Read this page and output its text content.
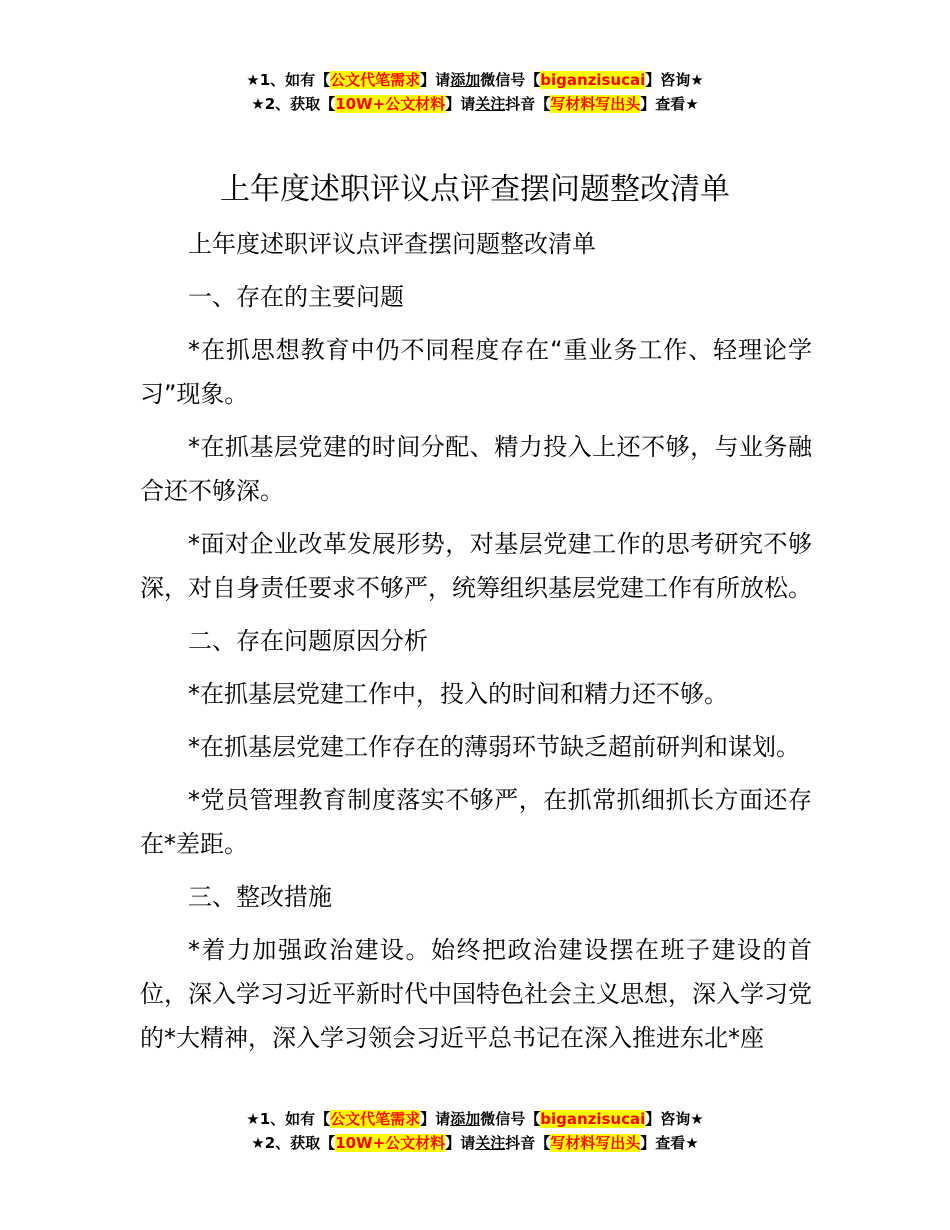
★1、如有【公文代笔需求】请添加微信号【biganzisucai】咨询★
★2、获取【10W+公文材料】请关注抖音【写材料写出头】查看★
上年度述职评议点评查摆问题整改清单

上年度述职评议点评查摆问题整改清单

一、存在的主要问题

*在抓思想教育中仍不同程度存在“重业务工作、轻理论学习”现象。

*在抓基层党建的时间分配、精力投入上还不够，与业务融合还不够深。

*面对企业改革发展形势，对基层党建工作的思考研究不够深，对自身责任要求不够严，统筹组织基层党建工作有所放松。

二、存在问题原因分析

*在抓基层党建工作中，投入的时间和精力还不够。

*在抓基层党建工作存在的薄弱环节缺乏超前研判和谋划。

*党员管理教育制度落实不够严，在抓常抓细抓长方面还存在*差距。

三、整改措施

*着力加强政治建设。始终把政治建设摆在班子建设的首位，深入学习习近平新时代中国特色社会主义思想，深入学习党的*大精神，深入学习领会习近平总书记在深入推进东北*座

★1、如有【公文代笔需求】请添加微信号【biganzisucai】咨询★
★2、获取【10W+公文材料】请关注抖音【写材料写出头】查看★
